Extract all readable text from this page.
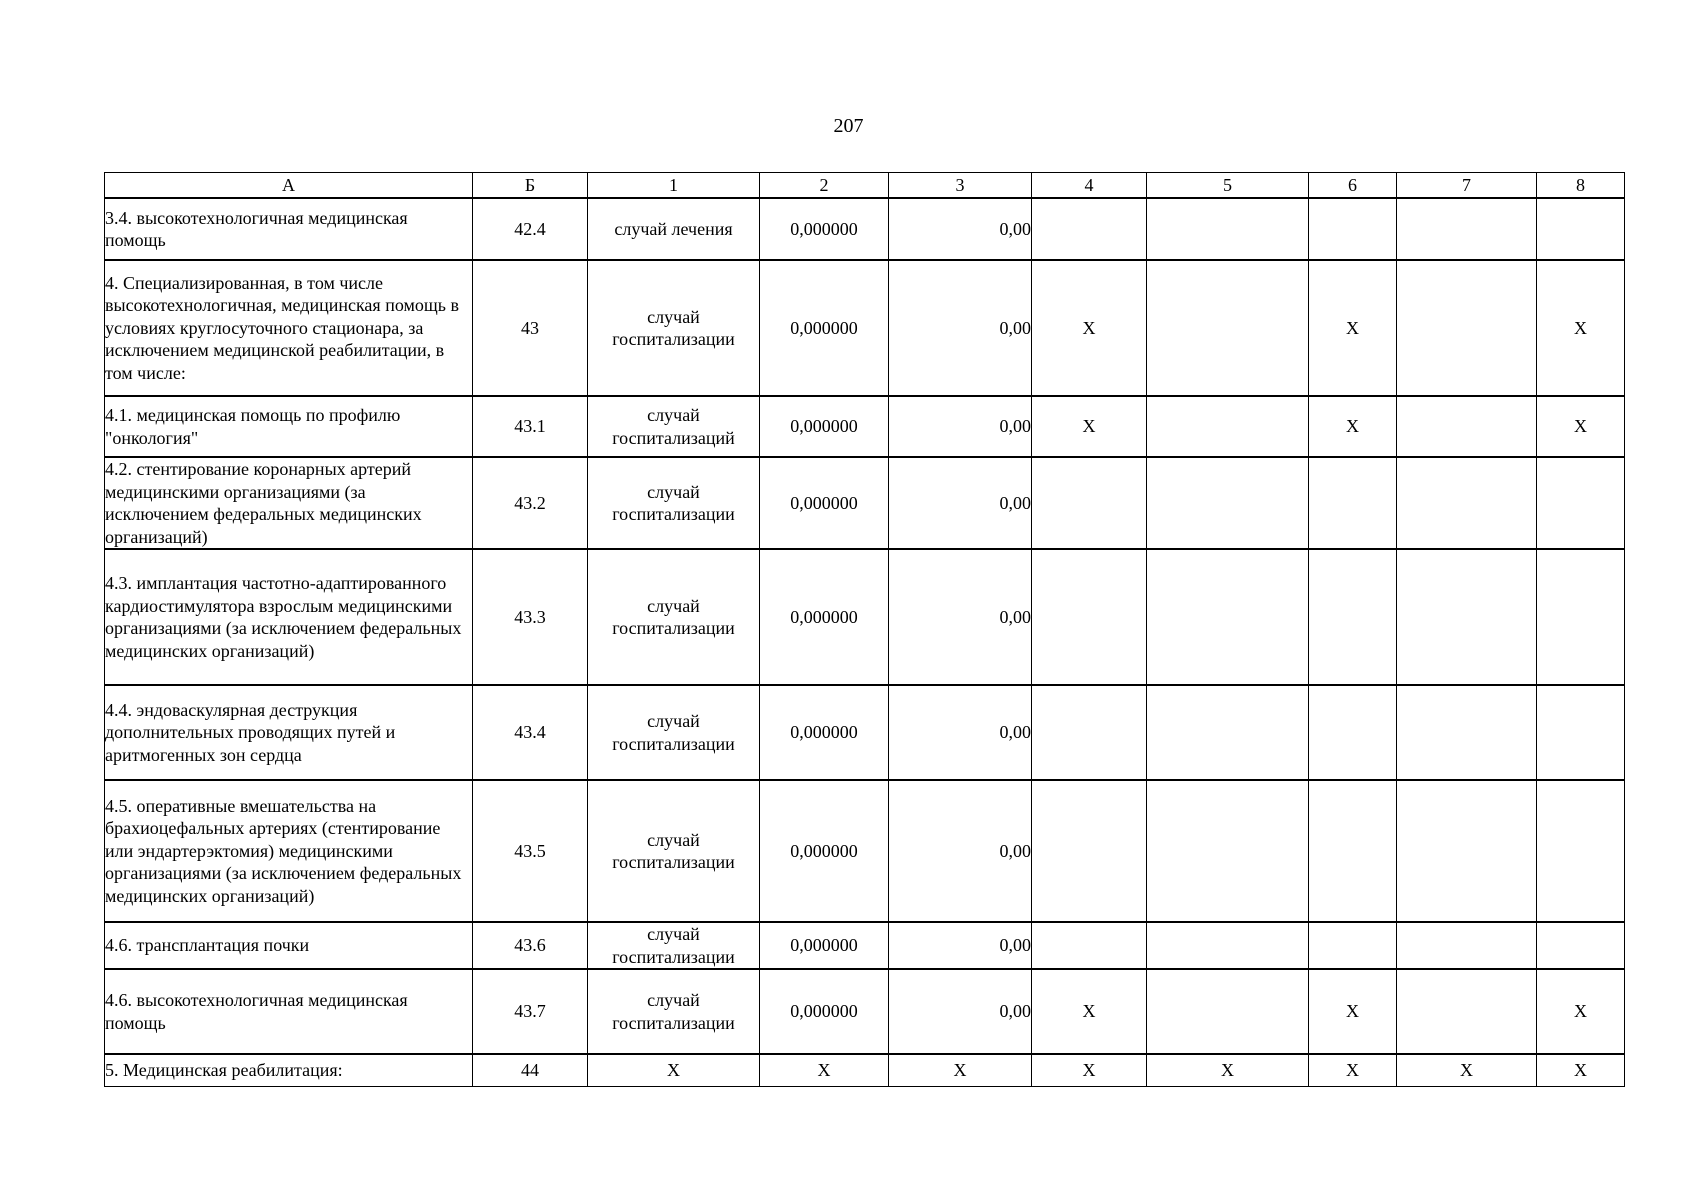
207
А	Б	1	2	3	4	5	6	7	8
3.4. высокотехнологичная медицинская помощь	42.4	случай лечения	0,000000	0,00					
4. Специализированная, в том числе высокотехнологичная, медицинская помощь в условиях круглосуточного стационара, за исключением медицинской реабилитации, в том числе:	43	случай госпитализации	0,000000	0,00	X		X		X
4.1. медицинская помощь по профилю "онкология"	43.1	случай госпитализаций	0,000000	0,00	X		X		X
4.2. стентирование коронарных артерий медицинскими организациями (за исключением федеральных медицинских организаций)	43.2	случай госпитализации	0,000000	0,00					
4.3. имплантация частотно-адаптированного кардиостимулятора взрослым медицинскими организациями (за исключением федеральных медицинских организаций)	43.3	случай госпитализации	0,000000	0,00					
4.4. эндоваскулярная деструкция дополнительных проводящих путей и аритмогенных зон сердца	43.4	случай госпитализации	0,000000	0,00					
4.5. оперативные вмешательства на брахиоцефальных артериях (стентирование или эндартерэктомия) медицинскими организациями (за исключением федеральных медицинских организаций)	43.5	случай госпитализации	0,000000	0,00					
4.6. трансплантация почки	43.6	случай госпитализации	0,000000	0,00					
4.6. высокотехнологичная медицинская помощь	43.7	случай госпитализации	0,000000	0,00	X		X		X
5. Медицинская реабилитация:	44	X	X	X	X	X	X	X	X
